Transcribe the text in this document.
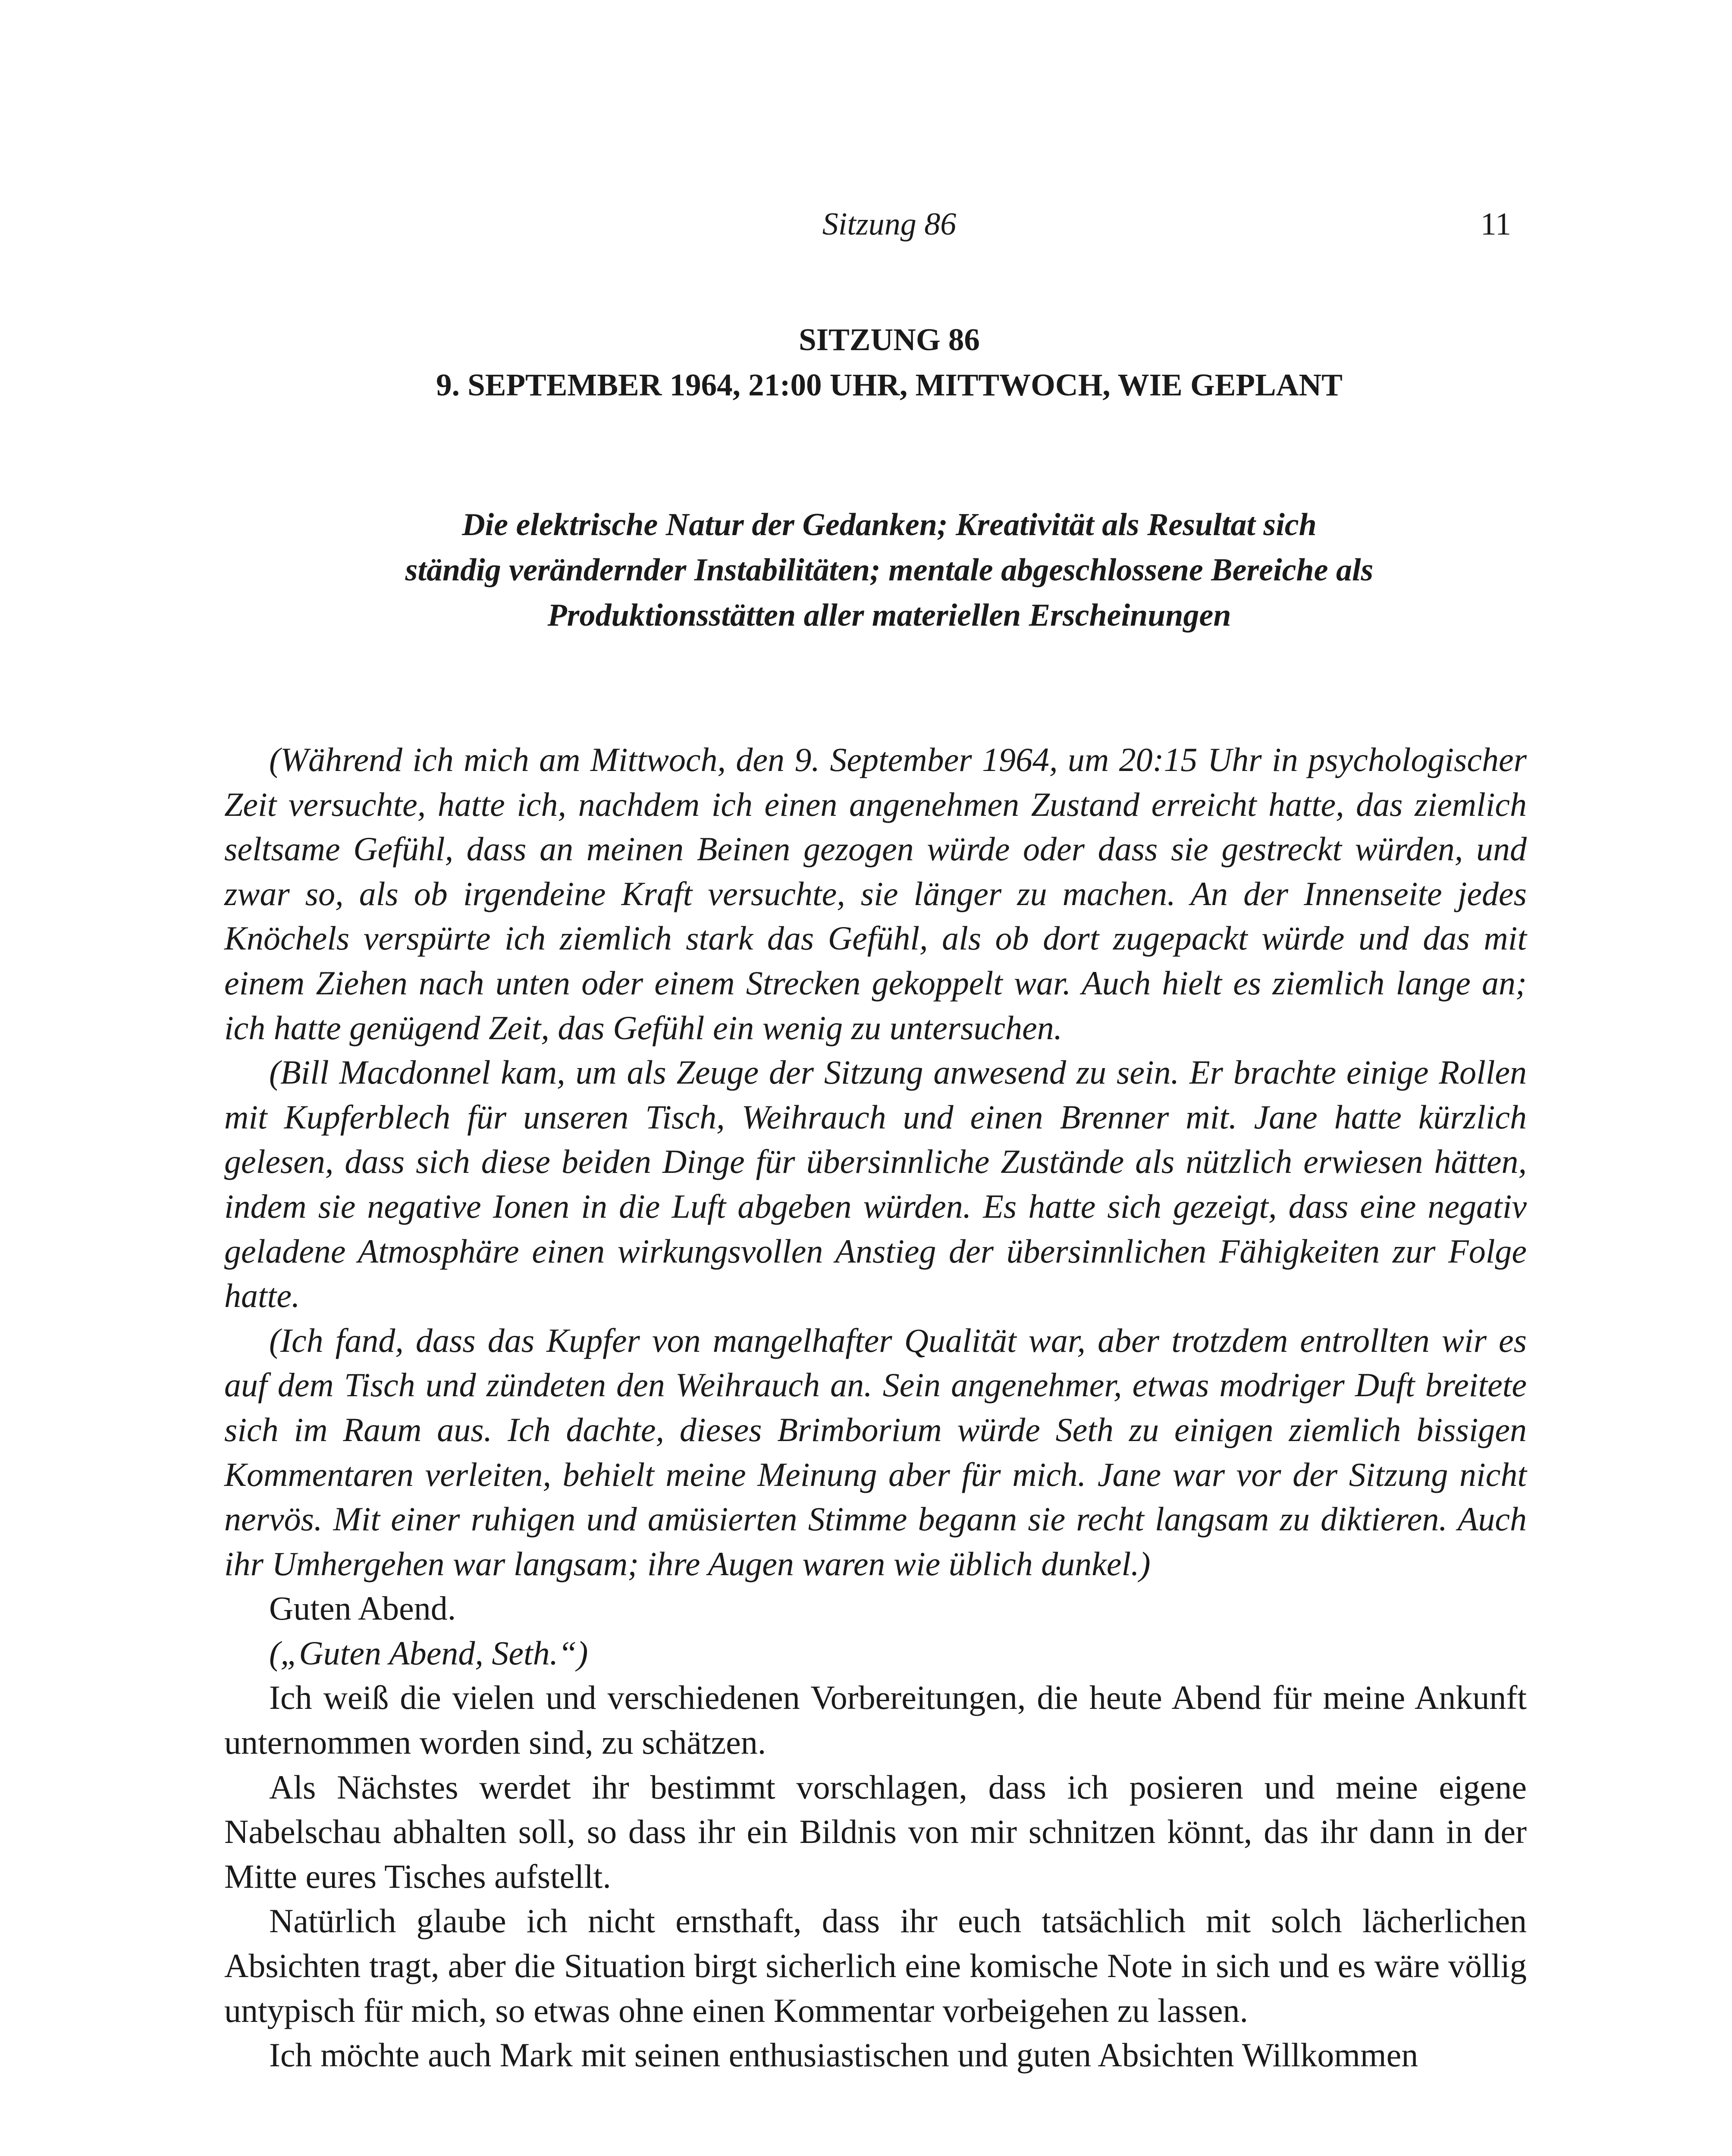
Sitzung 86	11
SITZUNG 86
9. SEPTEMBER 1964, 21:00 UHR, MITTWOCH, WIE GEPLANT
Die elektrische Natur der Gedanken; Kreativität als Resultat sich
ständig verändernder Instabilitäten; mentale abgeschlossene Bereiche als
Produktionsstätten aller materiellen Erscheinungen

(Während ich mich am Mittwoch, den 9. September 1964, um 20:15 Uhr in psychologischer Zeit versuchte, hatte ich, nachdem ich einen angenehmen Zustand erreicht hatte, das ziemlich seltsame Gefühl, dass an meinen Beinen gezogen würde oder dass sie gestreckt würden, und zwar so, als ob irgendeine Kraft versuchte, sie länger zu machen. An der Innenseite jedes Knöchels verspürte ich ziemlich stark das Gefühl, als ob dort zugepackt würde und das mit einem Ziehen nach unten oder einem Strecken gekoppelt war. Auch hielt es ziemlich lange an; ich hatte genügend Zeit, das Gefühl ein wenig zu untersuchen.

(Bill Macdonnel kam, um als Zeuge der Sitzung anwesend zu sein. Er brachte einige Rollen mit Kupferblech für unseren Tisch, Weihrauch und einen Brenner mit. Jane hatte kürzlich gelesen, dass sich diese beiden Dinge für übersinnliche Zustände als nützlich erwiesen hätten, indem sie negative Ionen in die Luft abgeben würden. Es hatte sich gezeigt, dass eine negativ geladene Atmosphäre einen wirkungsvollen Anstieg der übersinnlichen Fähigkeiten zur Folge hatte.

(Ich fand, dass das Kupfer von mangelhafter Qualität war, aber trotzdem entrollten wir es auf dem Tisch und zündeten den Weihrauch an. Sein angenehmer, etwas modriger Duft breitete sich im Raum aus. Ich dachte, dieses Brimborium würde Seth zu einigen ziemlich bissigen Kommentaren verleiten, behielt meine Meinung aber für mich. Jane war vor der Sitzung nicht nervös. Mit einer ruhigen und amüsierten Stimme begann sie recht langsam zu diktieren. Auch ihr Umhergehen war langsam; ihre Augen waren wie üblich dunkel.)

Guten Abend.

(„Guten Abend, Seth.“)

Ich weiß die vielen und verschiedenen Vorbereitungen, die heute Abend für meine Ankunft unternommen worden sind, zu schätzen.

Als Nächstes werdet ihr bestimmt vorschlagen, dass ich posieren und meine eigene Nabelschau abhalten soll, so dass ihr ein Bildnis von mir schnitzen könnt, das ihr dann in der Mitte eures Tisches aufstellt.

Natürlich glaube ich nicht ernsthaft, dass ihr euch tatsächlich mit solch lächerlichen Absichten tragt, aber die Situation birgt sicherlich eine komische Note in sich und es wäre völlig untypisch für mich, so etwas ohne einen Kommentar vorbeigehen zu lassen.

Ich möchte auch Mark mit seinen enthusiastischen und guten Absichten Willkommen
